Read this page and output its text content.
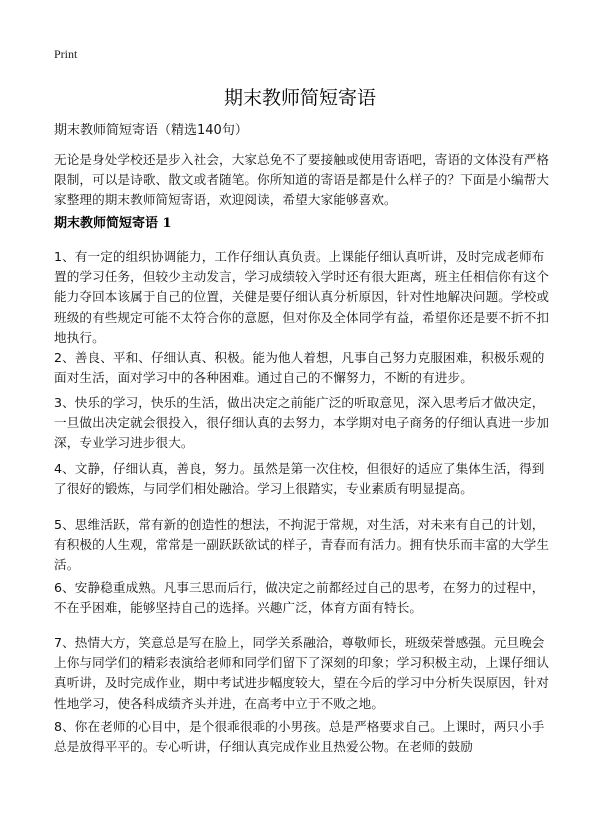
Print
期末教师简短寄语
期末教师简短寄语（精选140句）

无论是身处学校还是步入社会，大家总免不了要接触或使用寄语吧，寄语的文体没有严格限制，可以是诗歌、散文或者随笔。你所知道的寄语是都是什么样子的？下面是小编帮大家整理的期末教师简短寄语，欢迎阅读，希望大家能够喜欢。

期末教师简短寄语 1

1、有一定的组织协调能力，工作仔细认真负责。上课能仔细认真听讲，及时完成老师布置的学习任务，但较少主动发言，学习成绩较入学时还有很大距离，班主任相信你有这个能力夺回本该属于自己的位置，关健是要仔细认真分析原因，针对性地解决问题。学校或班级的有些规定可能不太符合你的意愿，但对你及全体同学有益，希望你还是要不折不扣地执行。

2、善良、平和、仔细认真、积极。能为他人着想，凡事自己努力克服困难，积极乐观的面对生活，面对学习中的各种困难。通过自己的不懈努力，不断的有进步。

3、快乐的学习，快乐的生活，做出决定之前能广泛的听取意见，深入思考后才做决定，一旦做出决定就会很投入，很仔细认真的去努力，本学期对电子商务的仔细认真进一步加深，专业学习进步很大。

4、文静，仔细认真，善良，努力。虽然是第一次住校，但很好的适应了集体生活，得到了很好的锻炼，与同学们相处融洽。学习上很踏实，专业素质有明显提高。

5、思维活跃，常有新的创造性的想法，不拘泥于常规，对生活，对未来有自己的计划，有积极的人生观，常常是一副跃跃欲试的样子，青春而有活力。拥有快乐而丰富的大学生活。

6、安静稳重成熟。凡事三思而后行，做决定之前都经过自己的思考，在努力的过程中，不在乎困难，能够坚持自己的选择。兴趣广泛，体育方面有特长。

7、热情大方，笑意总是写在脸上，同学关系融洽，尊敬师长，班级荣誉感强。元旦晚会上你与同学们的精彩表演给老师和同学们留下了深刻的印象；学习积极主动，上课仔细认真听讲，及时完成作业，期中考试进步幅度较大，望在今后的学习中分析失误原因，针对性地学习，使各科成绩齐头并进，在高考中立于不败之地。

8、你在老师的心目中，是个很乖很乖的小男孩。总是严格要求自己。上课时，两只小手总是放得平平的。专心听讲，仔细认真完成作业且热爱公物。在老师的鼓励
